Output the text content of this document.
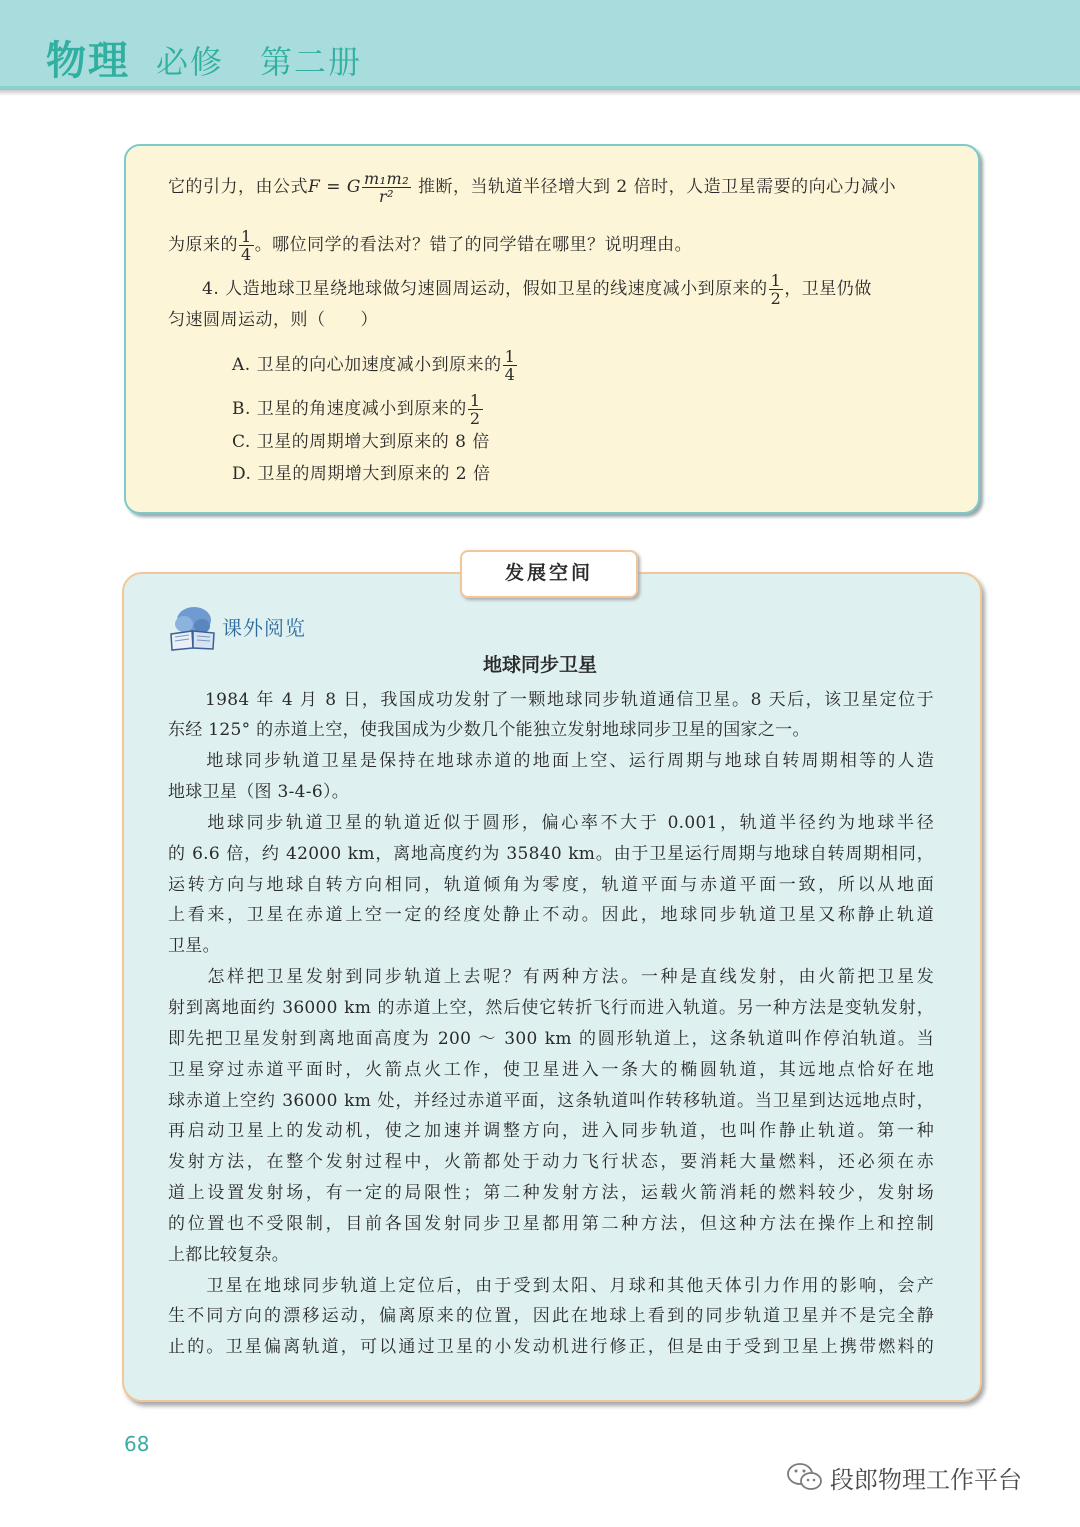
物理 必修 第二册
它的引力，由公式F = G $\frac{\text{m₁m₂}}{\text{r²}}$ 推断，当轨道半径增大到 2 倍时，人造卫星需要的向心力减小
为原来的 $\frac{1}{4}$ 。哪位同学的看法对？错了的同学错在哪里？说明理由。
4. 人造地球卫星绕地球做匀速圆周运动，假如卫星的线速度减小到原来的 $\frac{1}{2}$ ，卫星仍做
匀速圆周运动，则（　　）
A. 卫星的向心加速度减小到原来的 $\frac{1}{4}$
B. 卫星的角速度减小到原来的 $\frac{1}{2}$
C. 卫星的周期增大到原来的 8 倍
D. 卫星的周期增大到原来的 2 倍
发展空间
课外阅览
地球同步卫星
　　1984 年 4 月 8 日，我国成功发射了一颗地球同步轨道通信卫星。8 天后，该卫星定位于
东经 125° 的赤道上空，使我国成为少数几个能独立发射地球同步卫星的国家之一。
　　地球同步轨道卫星是保持在地球赤道的地面上空、运行周期与地球自转周期相等的人造
地球卫星（图 3-4-6）。
　　地球同步轨道卫星的轨道近似于圆形，偏心率不大于 0.001，轨道半径约为地球半径
的 6.6 倍，约 42000 km，离地高度约为 35840 km。由于卫星运行周期与地球自转周期相同，
运转方向与地球自转方向相同，轨道倾角为零度，轨道平面与赤道平面一致，所以从地面
上看来，卫星在赤道上空一定的经度处静止不动。因此，地球同步轨道卫星又称静止轨道
卫星。
　　怎样把卫星发射到同步轨道上去呢？有两种方法。一种是直线发射，由火箭把卫星发
射到离地面约 36000 km 的赤道上空，然后使它转折飞行而进入轨道。另一种方法是变轨发射，
即先把卫星发射到离地面高度为 200 ～ 300 km 的圆形轨道上，这条轨道叫作停泊轨道。当
卫星穿过赤道平面时，火箭点火工作，使卫星进入一条大的椭圆轨道，其远地点恰好在地
球赤道上空约 36000 km 处，并经过赤道平面，这条轨道叫作转移轨道。当卫星到达远地点时，
再启动卫星上的发动机，使之加速并调整方向，进入同步轨道，也叫作静止轨道。第一种
发射方法，在整个发射过程中，火箭都处于动力飞行状态，要消耗大量燃料，还必须在赤
道上设置发射场，有一定的局限性；第二种发射方法，运载火箭消耗的燃料较少，发射场
的位置也不受限制，目前各国发射同步卫星都用第二种方法，但这种方法在操作上和控制
上都比较复杂。
　　卫星在地球同步轨道上定位后，由于受到太阳、月球和其他天体引力作用的影响，会产
生不同方向的漂移运动，偏离原来的位置，因此在地球上看到的同步轨道卫星并不是完全静
止的。卫星偏离轨道，可以通过卫星的小发动机进行修正，但是由于受到卫星上携带燃料的
68
段郎物理工作平台
